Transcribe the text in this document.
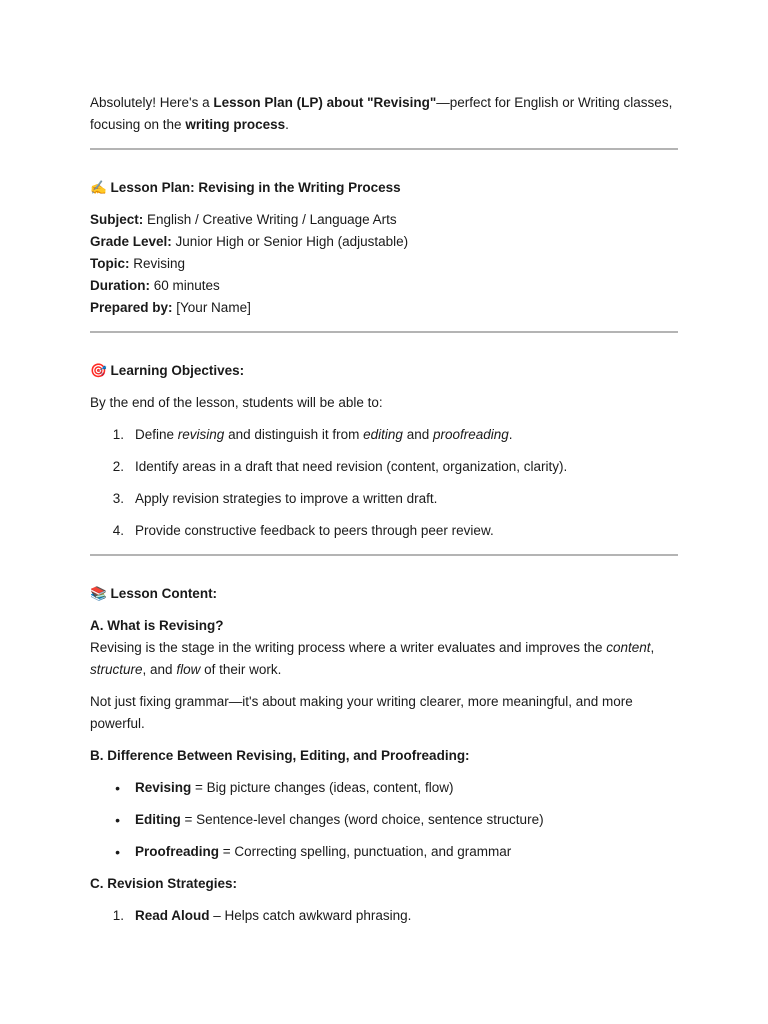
Absolutely! Here's a Lesson Plan (LP) about "Revising"—perfect for English or Writing classes, focusing on the writing process.

✍️ Lesson Plan: Revising in the Writing Process

Subject: English / Creative Writing / Language Arts

Grade Level: Junior High or Senior High (adjustable)

Topic: Revising

Duration: 60 minutes

Prepared by: [Your Name]

🎯 Learning Objectives:

By the end of the lesson, students will be able to:

1. Define revising and distinguish it from editing and proofreading.
2. Identify areas in a draft that need revision (content, organization, clarity).
3. Apply revision strategies to improve a written draft.
4. Provide constructive feedback to peers through peer review.

📚 Lesson Content:

A. What is Revising?

Revising is the stage in the writing process where a writer evaluates and improves the content, structure, and flow of their work.

Not just fixing grammar—it's about making your writing clearer, more meaningful, and more powerful.

B. Difference Between Revising, Editing, and Proofreading:

• Revising = Big picture changes (ideas, content, flow)
• Editing = Sentence-level changes (word choice, sentence structure)
• Proofreading = Correcting spelling, punctuation, and grammar

C. Revision Strategies:

1. Read Aloud – Helps catch awkward phrasing.
